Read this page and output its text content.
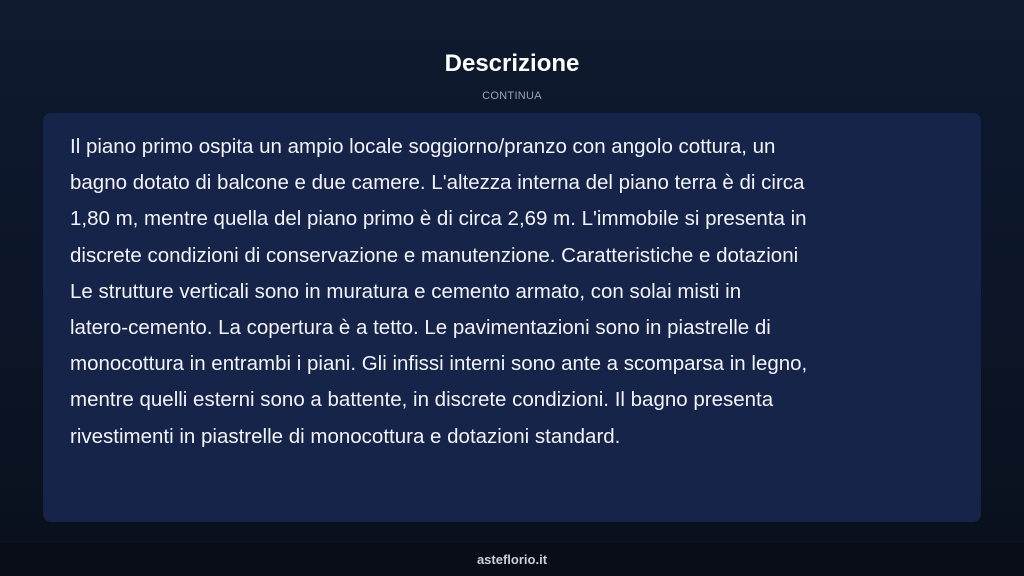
Descrizione
CONTINUA

Il piano primo ospita un ampio locale soggiorno/pranzo con angolo cottura, un
bagno dotato di balcone e due camere. L'altezza interna del piano terra è di circa
1,80 m, mentre quella del piano primo è di circa 2,69 m. L'immobile si presenta in
discrete condizioni di conservazione e manutenzione. Caratteristiche e dotazioni
Le strutture verticali sono in muratura e cemento armato, con solai misti in
latero-cemento. La copertura è a tetto. Le pavimentazioni sono in piastrelle di
monocottura in entrambi i piani. Gli infissi interni sono ante a scomparsa in legno,
mentre quelli esterni sono a battente, in discrete condizioni. Il bagno presenta
rivestimenti in piastrelle di monocottura e dotazioni standard.

asteflorio.it
